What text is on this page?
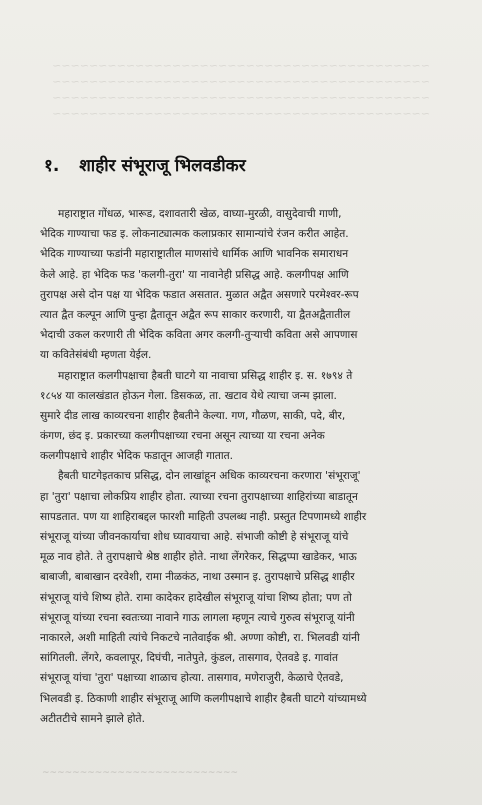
~~~~~~~~~~~~~~~~~~~~~~~~~~~~~~~~~~~~~~~~~
~~~~~~~~~~~~~~~~~~~~~~~~~~~~~~~~~~~~~~~~~
~~~~~~~~~~~~~~~~~~~~~~~~~~~~~~~~~~~~~~~~~
~~~~~~~~~~~~~~~~~~~~~~~~~~~~~~~~~~~~~~~~~
१. शाहीर संभूराजू भिलवडीकर
महाराष्ट्रात गोंधळ, भारूड, दशावतारी खेळ, वाघ्या-मुरळी, वासुदेवाची गाणी,
भेदिक गाण्याचा फड इ. लोकनाट्यात्मक कलाप्रकार सामान्यांचे रंजन करीत आहेत.
भेदिक गाण्याच्या फडांनी महाराष्ट्रातील माणसांचे धार्मिक आणि भावनिक समाराधन
केले आहे. हा भेदिक फड 'कलगी-तुरा' या नावानेही प्रसिद्ध आहे. कलगीपक्ष आणि
तुरापक्ष असे दोन पक्ष या भेदिक फडात असतात. मुळात अद्वैत असणारे परमेश्वर-रूप
त्यात द्वैत कल्पून आणि पुन्हा द्वैतातून अद्वैत रूप साकार करणारी, या द्वैतअद्वैतातील
भेदाची उकल करणारी ती भेदिक कविता अगर कलगी-तुऱ्याची कविता असे आपणास
या कवितेसंबंधी म्हणता येईल.
महाराष्ट्रात कलगीपक्षाचा हैबती घाटगे या नावाचा प्रसिद्ध शाहीर इ. स. १७९४ ते
१८५४ या कालखंडात होऊन गेला. डिसकळ, ता. खटाव येथे त्याचा जन्म झाला.
सुमारे दीड लाख काव्यरचना शाहीर हैबतीने केल्या. गण, गौळण, साकी, पदे, बीर,
कंगण, छंद इ. प्रकारच्या कलगीपक्षाच्या रचना असून त्याच्या या रचना अनेक
कलगीपक्षाचे शाहीर भेदिक फडातून आजही गातात.
हैबती घाटगेइतकाच प्रसिद्ध, दोन लाखांहून अधिक काव्यरचना करणारा 'संभूराजू'
हा 'तुरा' पक्षाचा लोकप्रिय शाहीर होता. त्याच्या रचना तुरापक्षाच्या शाहिरांच्या बाडातून
सापडतात. पण या शाहिराबद्दल फारशी माहिती उपलब्ध नाही. प्रस्तुत टिपणामध्ये शाहीर
संभूराजू यांच्या जीवनकार्याचा शोध घ्यावयाचा आहे. संभाजी कोष्टी हे संभूराजू यांचे
मूळ नाव होते. ते तुरापक्षाचे श्रेष्ठ शाहीर होते. नाथा लेंगरेकर, सिद्धप्पा खाडेकर, भाऊ
बाबाजी, बाबाखान दरवेशी, रामा नीळकंठ, नाथा उस्मान इ. तुरापक्षाचे प्रसिद्ध शाहीर
संभूराजू यांचे शिष्य होते. रामा कादेकर हादेखील संभूराजू यांचा शिष्य होता; पण तो
संभूराजू यांच्या रचना स्वतःच्या नावाने गाऊ लागला म्हणून त्याचे गुरुत्व संभूराजू यांनी
नाकारले, अशी माहिती त्यांचे निकटचे नातेवाईक श्री. अण्णा कोष्टी, रा. भिलवडी यांनी
सांगितली. लेंगरे, कवलापूर, दिघंची, नातेपुते, कुंडल, तासगाव, ऐतवडे इ. गावांत
संभूराजू यांचा 'तुरा' पक्षाच्या शाळाच होत्या. तासगाव, मणेराजुरी, केळाचे ऐतवडे,
भिलवडी इ. ठिकाणी शाहीर संभूराजू आणि कलगीपक्षाचे शाहीर हैबती घाटगे यांच्यामध्ये
अटीतटीचे सामने झाले होते.
~~~~~~~~~~~~~~~~~~~~~~~~~~
